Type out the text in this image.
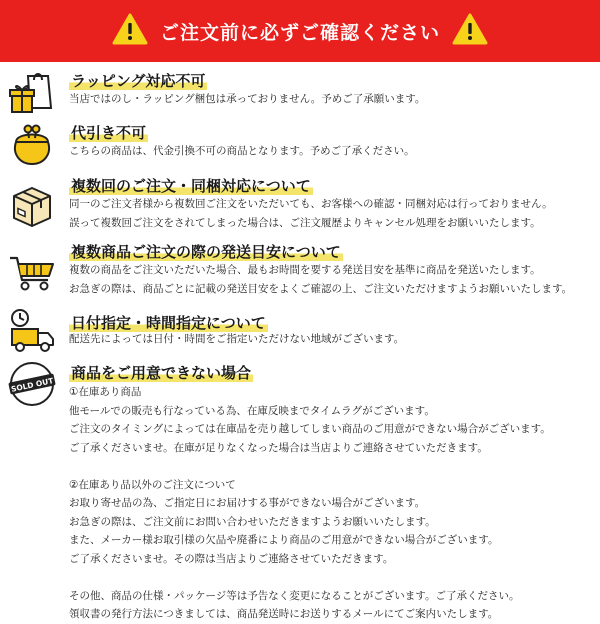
ご注文前に必ずご確認ください
ラッピング対応不可
当店ではのし・ラッピング梱包は承っておりません。予めご了承願います。
代引き不可
こちらの商品は、代金引換不可の商品となります。予めご了承ください。
複数回のご注文・同梱対応について
同一のご注文者様から複数回ご注文をいただいても、お客様への確認・同梱対応は行っておりません。
誤って複数回ご注文をされてしまった場合は、ご注文履歴よりキャンセル処理をお願いいたします。
複数商品ご注文の際の発送目安について
複数の商品をご注文いただいた場合、最もお時間を要する発送目安を基準に商品を発送いたします。
お急ぎの際は、商品ごとに記載の発送目安をよくご確認の上、ご注文いただけますようお願いいたします。
日付指定・時間指定について
配送先によっては日付・時間をご指定いただけない地域がございます。
SOLD OUT
商品をご用意できない場合
①在庫あり商品
他モールでの販売も行なっている為、在庫反映までタイムラグがございます。
ご注文のタイミングによっては在庫品を売り越してしまい商品のご用意ができない場合がございます。
ご了承くださいませ。在庫が足りなくなった場合は当店よりご連絡させていただきます。
②在庫あり品以外のご注文について
お取り寄せ品の為、ご指定日にお届けする事ができない場合がございます。
お急ぎの際は、ご注文前にお問い合わせいただきますようお願いいたします。
また、メーカー様お取引様の欠品や廃番により商品のご用意ができない場合がございます。
ご了承くださいませ。その際は当店よりご連絡させていただきます。
その他、商品の仕様・パッケージ等は予告なく変更になることがございます。ご了承ください。
領収書の発行方法につきましては、商品発送時にお送りするメールにてご案内いたします。
